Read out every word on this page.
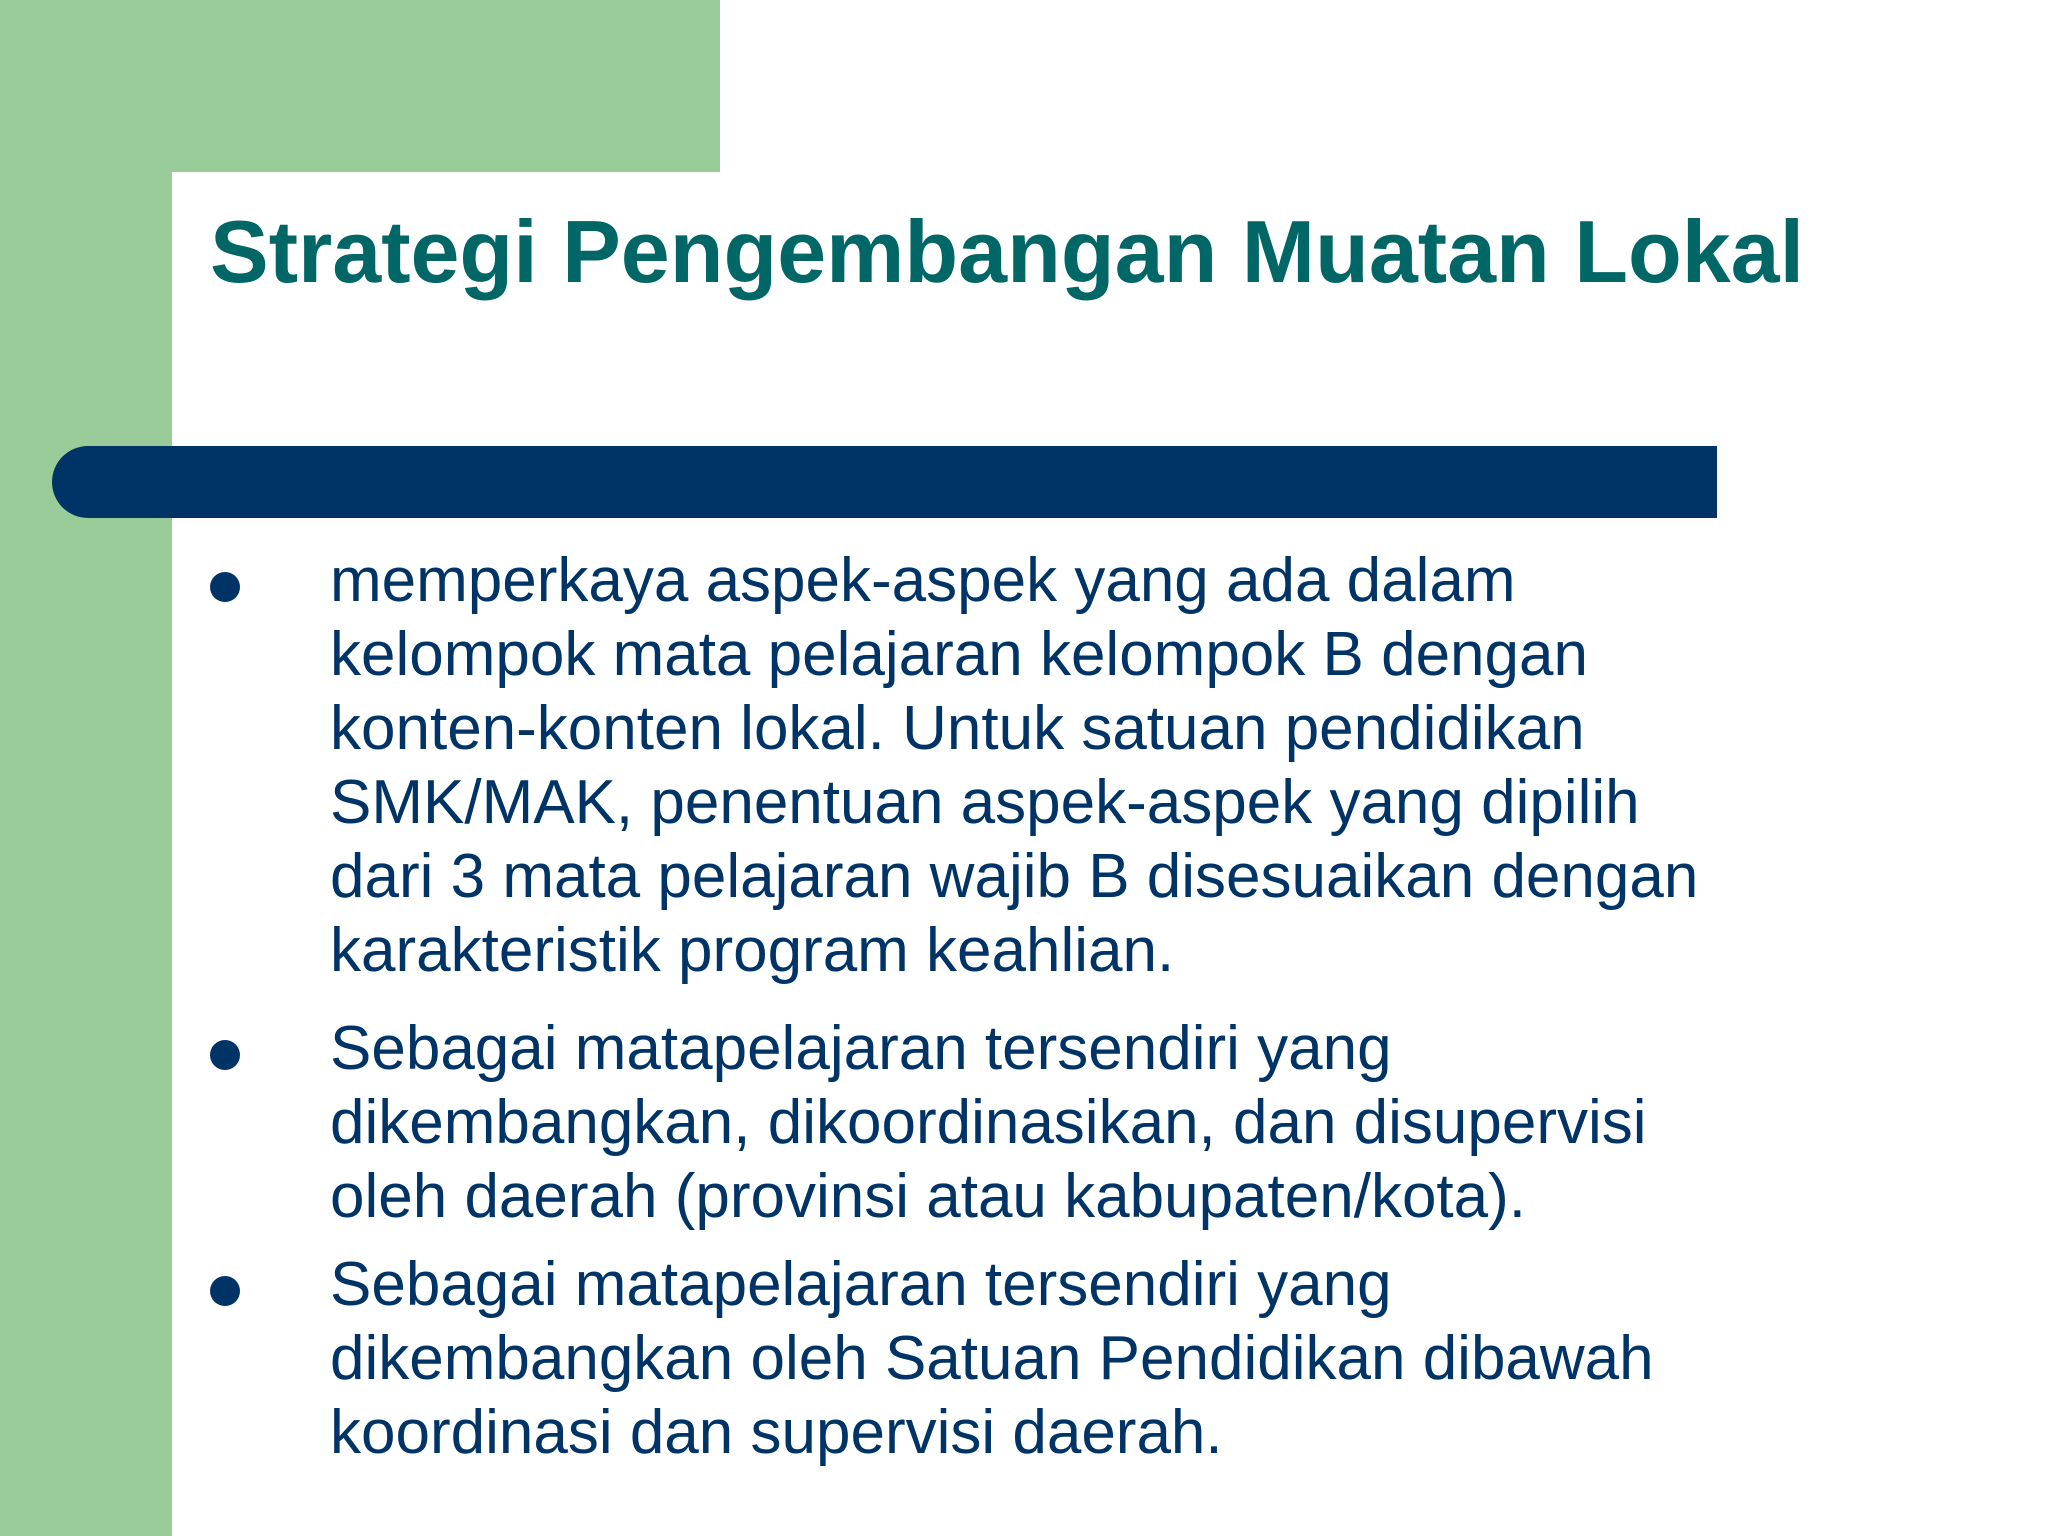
Strategi Pengembangan Muatan Lokal
memperkaya aspek-aspek yang ada dalam
kelompok mata pelajaran kelompok B dengan
konten-konten lokal. Untuk satuan pendidikan
SMK/MAK, penentuan aspek-aspek yang dipilih
dari 3 mata pelajaran wajib B disesuaikan dengan
karakteristik program keahlian.
Sebagai matapelajaran tersendiri yang
dikembangkan, dikoordinasikan, dan disupervisi
oleh daerah (provinsi atau kabupaten/kota).
Sebagai matapelajaran tersendiri yang
dikembangkan oleh Satuan Pendidikan dibawah
koordinasi dan supervisi daerah.
